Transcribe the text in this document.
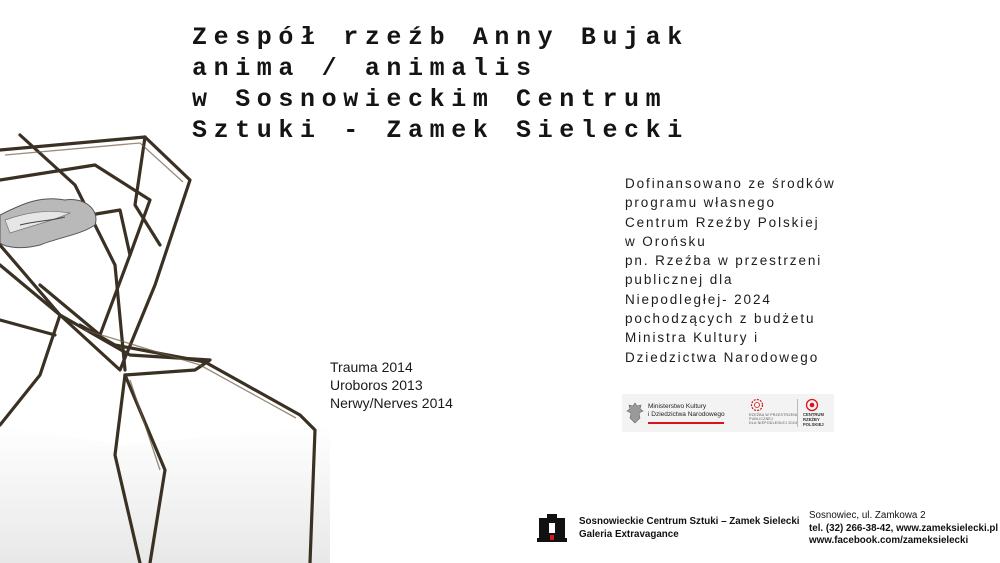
Zespół rzeźb Anny Bujak
anima / animalis
w Sosnowieckim Centrum
Sztuki - Zamek Sielecki
Trauma 2014
Uroboros 2013
Nerwy/Nerves 2014
Dofinansowano ze środków
programu własnego
Centrum Rzeźby Polskiej
w Orońsku
pn. Rzeźba w przestrzeni
publicznej dla
Niepodległej- 2024
pochodzących z budżetu
Ministra Kultury i
Dziedzictwa Narodowego
Ministerstwo Kultury
i Dziedzictwa Narodowego	RZEŹBA W PRZESTRZENI
PUBLICZNEJ
DLA NIEPODLEGŁEJ 2024
CENTRUM
RZEŹBY
POLSKIEJ
Sosnowieckie Centrum Sztuki – Zamek Sielecki
Galeria Extravagance
Sosnowiec, ul. Zamkowa 2
tel. (32) 266-38-42, www.zameksielecki.pl
www.facebook.com/zameksielecki
